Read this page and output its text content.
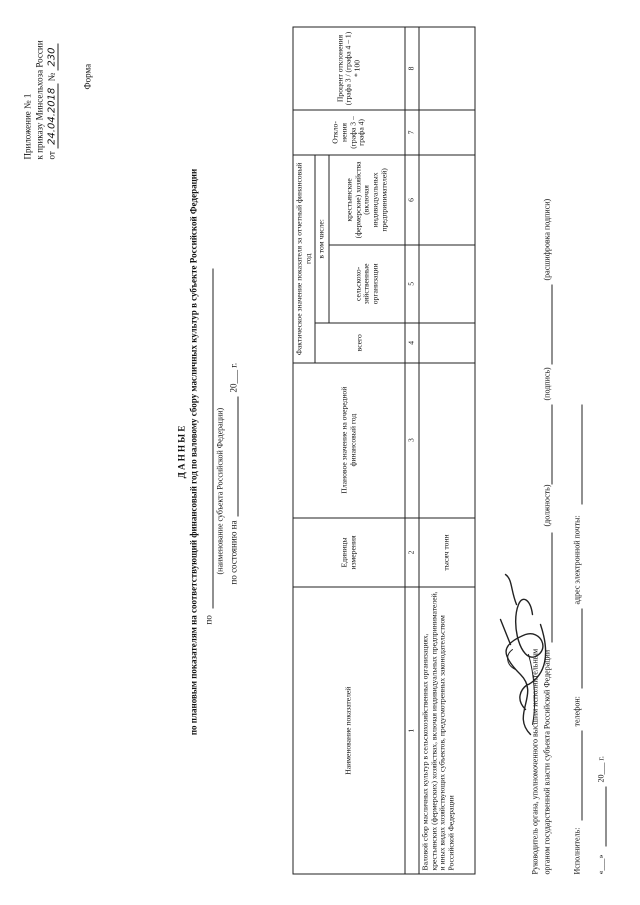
Приложение № 1 к приказу Минсельхоза России от 24.04.2018 № 230
Форма
Д А Н Н Ы Е по плановым показателям на соответствующий финансовый год по валовому сбору масличных культур в субъекте Российской Федерации по
(наименование субъекта Российской Федерации) по состоянию на
20___ г.
Наименование показателей	Единицы измерения	Плановое значение на очередной финансовый год	Фактическое значение показателя за отчетный финансовый год			Откло-нения (графа 3 – графа 4)	Процент отклонения (графа 3 / (графа 4 – 1) * 100
			всего	в том числе:			
				сельскохо-зяйственные организации	крестьянские (фермерские) хозяйства (включая индивидуальных предпринимателей)		
1	2	3	4	5	6	7	8
Валовой сбор масличных культур в сельскохозяйственных организациях, крестьянских (фермерских) хозяйствах, включая индивидуальных предпринимателей, и иных видах хозяйствующих субъектов, предусмотренных законодательством Российской Федерации	тысяч тонн						
Руководитель органа, уполномоченного высшим исполнительным органом государственной власти субъекта Российской Федерации
(должность)
(подпись)
(расшифровка подписи)
Исполнитель:
телефон:
адрес электронной почты:
«___»
20___ г.
